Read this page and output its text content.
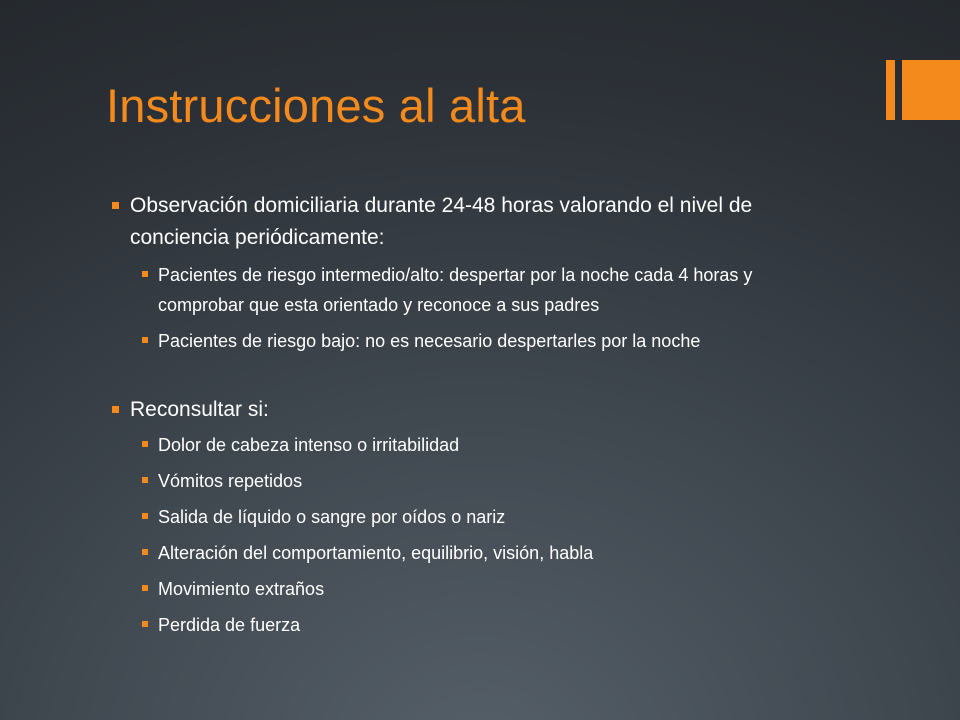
Instrucciones al alta
Observación domiciliaria durante 24-48 horas valorando el nivel de conciencia periódicamente:
Pacientes de riesgo intermedio/alto: despertar por la noche cada 4 horas y comprobar que esta orientado y reconoce a sus padres
Pacientes de riesgo bajo: no es necesario despertarles por la noche
Reconsultar si:
Dolor de cabeza intenso o irritabilidad
Vómitos repetidos
Salida de líquido o sangre por oídos o nariz
Alteración del comportamiento, equilibrio, visión, habla
Movimiento extraños
Perdida de fuerza
